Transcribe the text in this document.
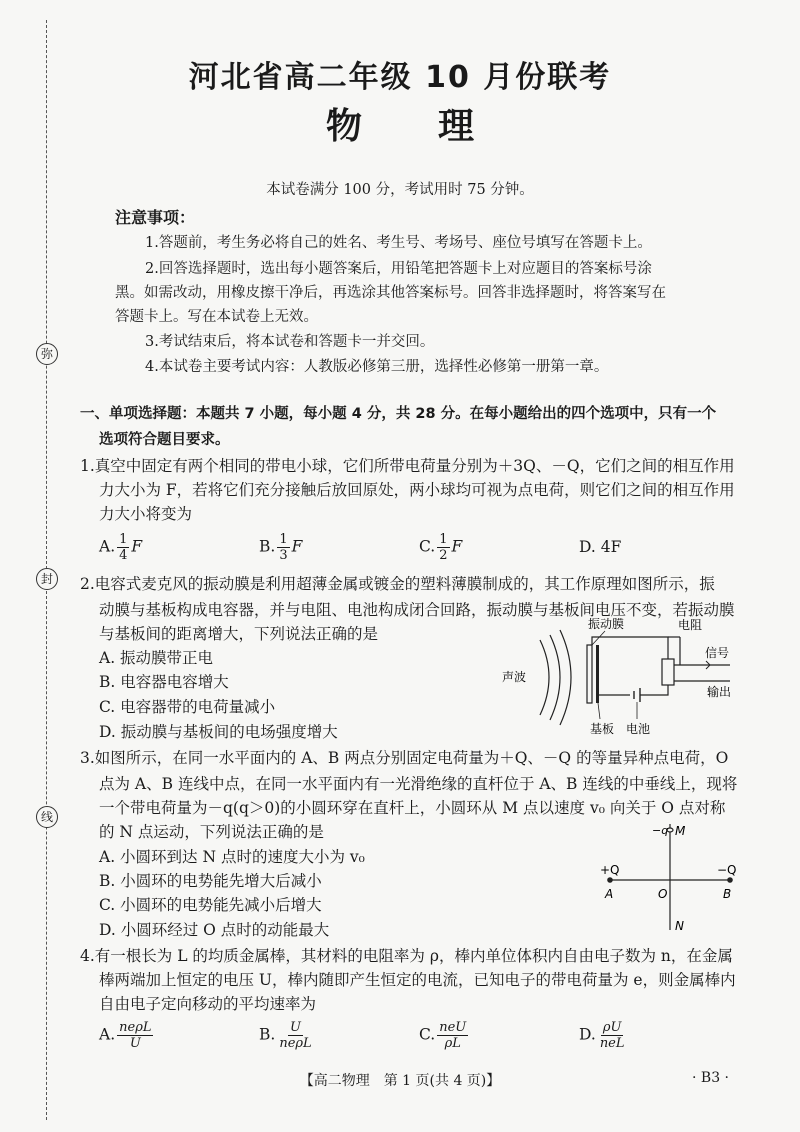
弥
封
线
河北省高二年级 10 月份联考
物 理
本试卷满分 100 分，考试用时 75 分钟。
注意事项：
1.答题前，考生务必将自己的姓名、考生号、考场号、座位号填写在答题卡上。
2.回答选择题时，选出每小题答案后，用铅笔把答题卡上对应题目的答案标号涂
黑。如需改动，用橡皮擦干净后，再选涂其他答案标号。回答非选择题时，将答案写在
答题卡上。写在本试卷上无效。
3.考试结束后，将本试卷和答题卡一并交回。
4.本试卷主要考试内容：人教版必修第三册，选择性必修第一册第一章。
一、单项选择题：本题共 7 小题，每小题 4 分，共 28 分。在每小题给出的四个选项中，只有一个
选项符合题目要求。
1.真空中固定有两个相同的带电小球，它们所带电荷量分别为＋3Q、－Q，它们之间的相互作用
力大小为 F，若将它们充分接触后放回原处，两小球均可视为点电荷，则它们之间的相互作用
力大小将变为
A. $\frac{1}{4}$ F	B. $\frac{1}{3}$ F	C. $\frac{1}{2}$ F	D. 4F
2.电容式麦克风的振动膜是利用超薄金属或镀金的塑料薄膜制成的，其工作原理如图所示，振
动膜与基板构成电容器，并与电阻、电池构成闭合回路，振动膜与基板间电压不变，若振动膜
与基板间的距离增大，下列说法正确的是
A. 振动膜带正电
B. 电容器电容增大
C. 电容器带的电荷量减小
D. 振动膜与基板间的电场强度增大
声波
振动膜	电阻
信号
输出
基板 电池
3.如图所示，在同一水平面内的 A、B 两点分别固定电荷量为＋Q、－Q 的等量异种点电荷，O
点为 A、B 连线中点，在同一水平面内有一光滑绝缘的直杆位于 A、B 连线的中垂线上，现将
一个带电荷量为－q(q＞0)的小圆环穿在直杆上，小圆环从 M 点以速度 v₀ 向关于 O 点对称
的 N 点运动，下列说法正确的是
A. 小圆环到达 N 点时的速度大小为 v₀
B. 小圆环的电势能先增大后减小
C. 小圆环的电势能先减小后增大
D. 小圆环经过 O 点时的动能最大
−q M
N
+Q	−Q
A	B
O
4.有一根长为 L 的均质金属棒，其材料的电阻率为 ρ，棒内单位体积内自由电子数为 n，在金属
棒两端加上恒定的电压 U，棒内随即产生恒定的电流，已知电子的带电荷量为 e，则金属棒内
自由电子定向移动的平均速率为
A. $\frac{\text{neρL}}{U}$	B. $\frac{U}{\text{neρL}}$	C. $\frac{\text{neU}}{\rho L}$	D. $\frac{\rho U}{\text{neL}}$
【高二物理　第 1 页(共 4 页)】	· B3 ·
